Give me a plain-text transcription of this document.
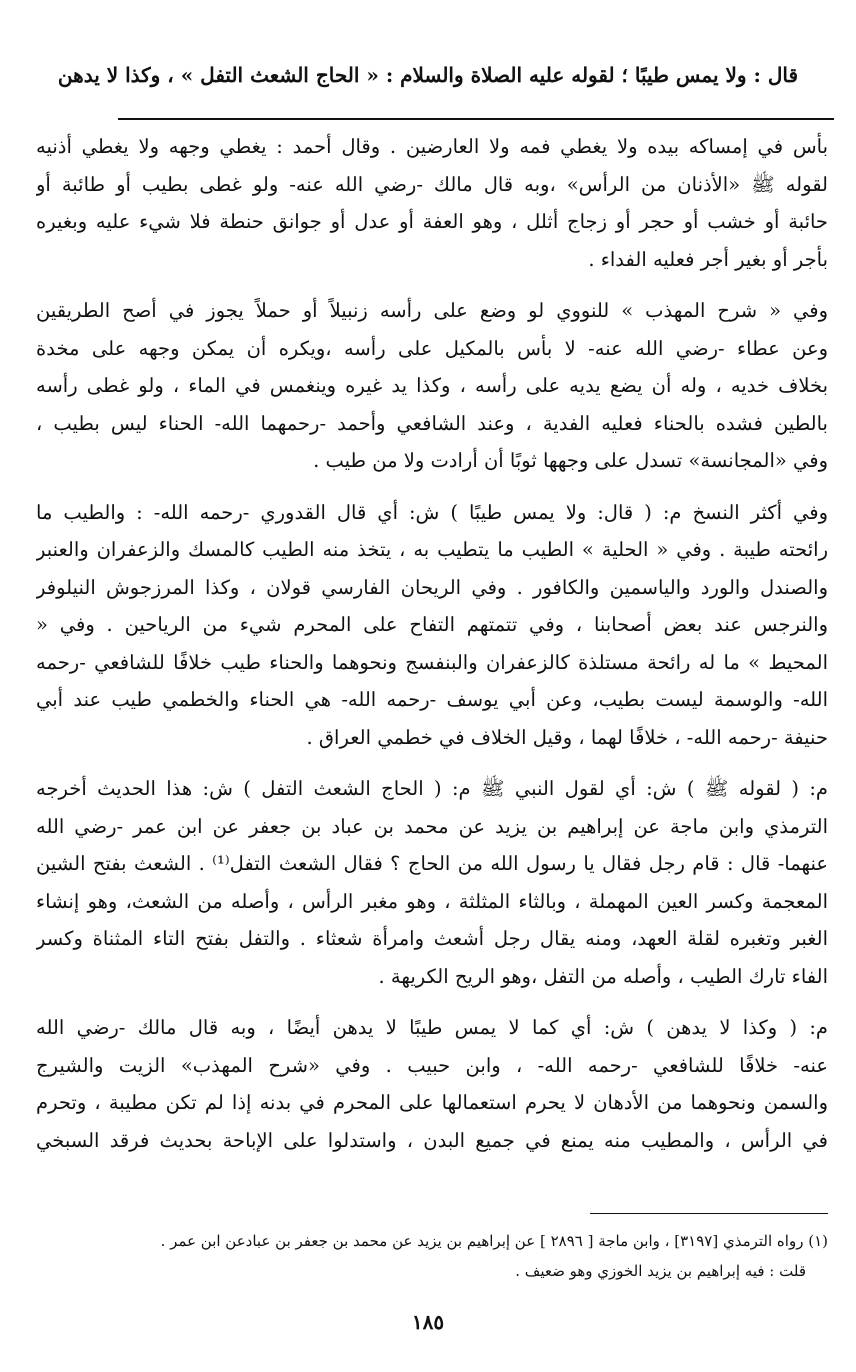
قال : ولا يمس طيبًا ؛ لقوله عليه الصلاة والسلام : « الحاج الشعث التفل » ، وكذا لا يدهن

بأس في إمساكه بيده ولا يغطي فمه ولا العارضين . وقال أحمد : يغطي وجهه ولا يغطي أذنيه
لقوله ﷺ «الأذنان من الرأس» ،وبه قال مالك -رضي الله عنه- ولو غطى بطيب أو طائبة أو
حائبة أو خشب أو حجر أو زجاج أثلل ، وهو العفة أو عدل أو جوانق حنطة فلا شيء عليه وبغيره
بأجر أو بغير أجر فعليه الفداء .

وفي « شرح المهذب » للنووي لو وضع على رأسه زنبيلاً أو حملاً يجوز في أصح الطريقين
وعن عطاء -رضي الله عنه- لا بأس بالمكيل على رأسه ،ويكره أن يمكن وجهه على مخدة
بخلاف خديه ، وله أن يضع يديه على رأسه ، وكذا يد غيره وينغمس في الماء ، ولو غطى رأسه
بالطين فشده بالحناء فعليه الفدية ، وعند الشافعي وأحمد -رحمهما الله- الحناء ليس بطيب ،
وفي «المجانسة» تسدل على وجهها ثوبًا أن أرادت ولا من طيب .

وفي أكثر النسخ م: ( قال: ولا يمس طيبًا ) ش: أي قال القدوري -رحمه الله- : والطيب ما
رائحته طيبة . وفي « الحلية » الطيب ما يتطيب به ، يتخذ منه الطيب كالمسك والزعفران والعنبر
والصندل والورد والياسمين والكافور . وفي الريحان الفارسي قولان ، وكذا المرزجوش النيلوفر
والنرجس عند بعض أصحابنا ، وفي تتمتهم التفاح على المحرم شيء من الرياحين . وفي «
المحيط » ما له رائحة مستلذة كالزعفران والبنفسج ونحوهما والحناء طيب خلافًا للشافعي -رحمه
الله- والوسمة ليست بطيب، وعن أبي يوسف -رحمه الله- هي الحناء والخطمي طيب عند أبي
حنيفة -رحمه الله- ، خلافًا لهما ، وقيل الخلاف في خطمي العراق .

م: ( لقوله ﷺ ) ش: أي لقول النبي ﷺ م: ( الحاج الشعث التفل ) ش: هذا الحديث أخرجه
الترمذي وابن ماجة عن إبراهيم بن يزيد عن محمد بن عباد بن جعفر عن ابن عمر -رضي الله
عنهما- قال : قام رجل فقال يا رسول الله من الحاج ؟ فقال الشعث التفل⁽¹⁾ . الشعث بفتح الشين
المعجمة وكسر العين المهملة ، وبالثاء المثلثة ، وهو مغبر الرأس ، وأصله من الشعث، وهو إنشاء
الغبر وتغبره لقلة العهد، ومنه يقال رجل أشعث وامرأة شعثاء . والتفل بفتح التاء المثناة وكسر
الفاء تارك الطيب ، وأصله من التفل ،وهو الريح الكريهة .

م: ( وكذا لا يدهن ) ش: أي كما لا يمس طيبًا لا يدهن أيضًا ، وبه قال مالك -رضي الله
عنه- خلافًا للشافعي -رحمه الله- ، وابن حبيب . وفي «شرح المهذب» الزيت والشيرج
والسمن ونحوهما من الأدهان لا يحرم استعمالها على المحرم في بدنه إذا لم تكن مطيبة ، وتحرم
في الرأس ، والمطيب منه يمنع في جميع البدن ، واستدلوا على الإباحة بحديث فرقد السبخي

(١) رواه الترمذي [٣١٩٧] ، وابن ماجة [ ٢٨٩٦ ] عن إبراهيم بن يزيد عن محمد بن جعفر بن عبادعن ابن عمر .
قلت : فيه إبراهيم بن يزيد الخوزي وهو ضعيف .
١٨٥
